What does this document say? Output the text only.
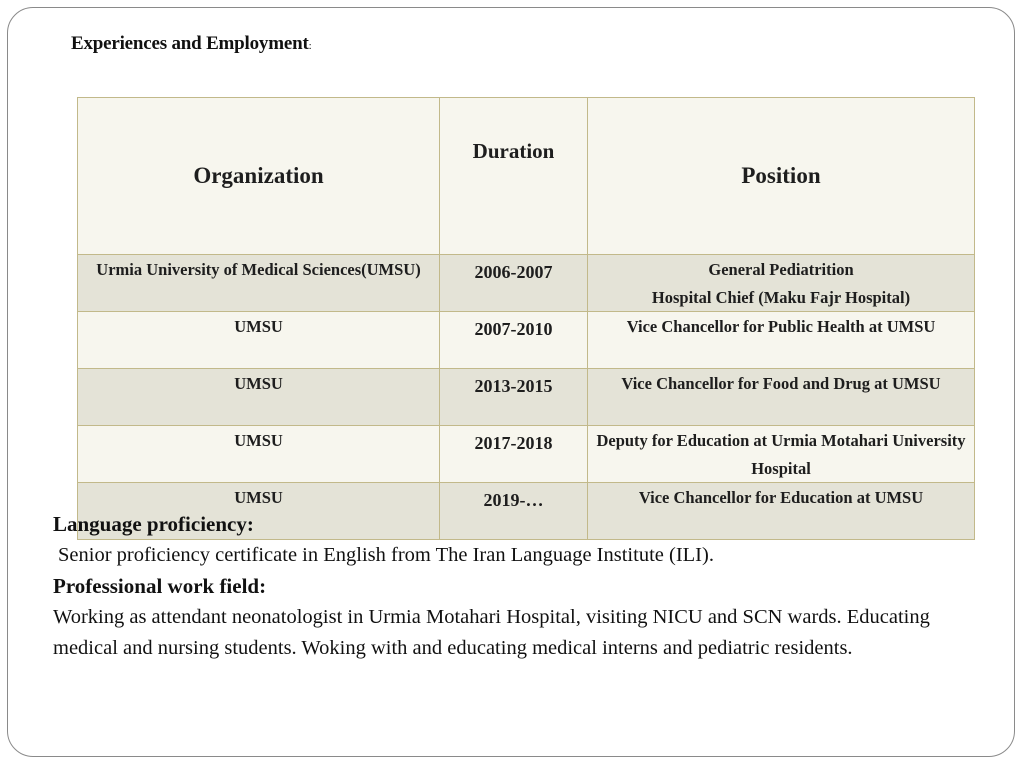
Experiences and Employment:
Organization	Duration	Position
Urmia University of Medical Sciences(UMSU)	2006-2007	General Pediatrition
Hospital Chief (Maku Fajr Hospital)

UMSU	2007-2010	Vice Chancellor for Public Health at UMSU
UMSU	2013-2015	Vice Chancellor for Food and Drug at UMSU
UMSU	2017-2018	Deputy for Education at Urmia Motahari University Hospital
UMSU	2019-…	Vice Chancellor for Education at UMSU
Language proficiency:
Senior proficiency certificate in English from The Iran Language Institute (ILI).
Professional work field:
Working as attendant neonatologist in Urmia Motahari Hospital, visiting NICU and SCN wards. Educating medical and nursing students. Woking with and educating medical interns and pediatric residents.
